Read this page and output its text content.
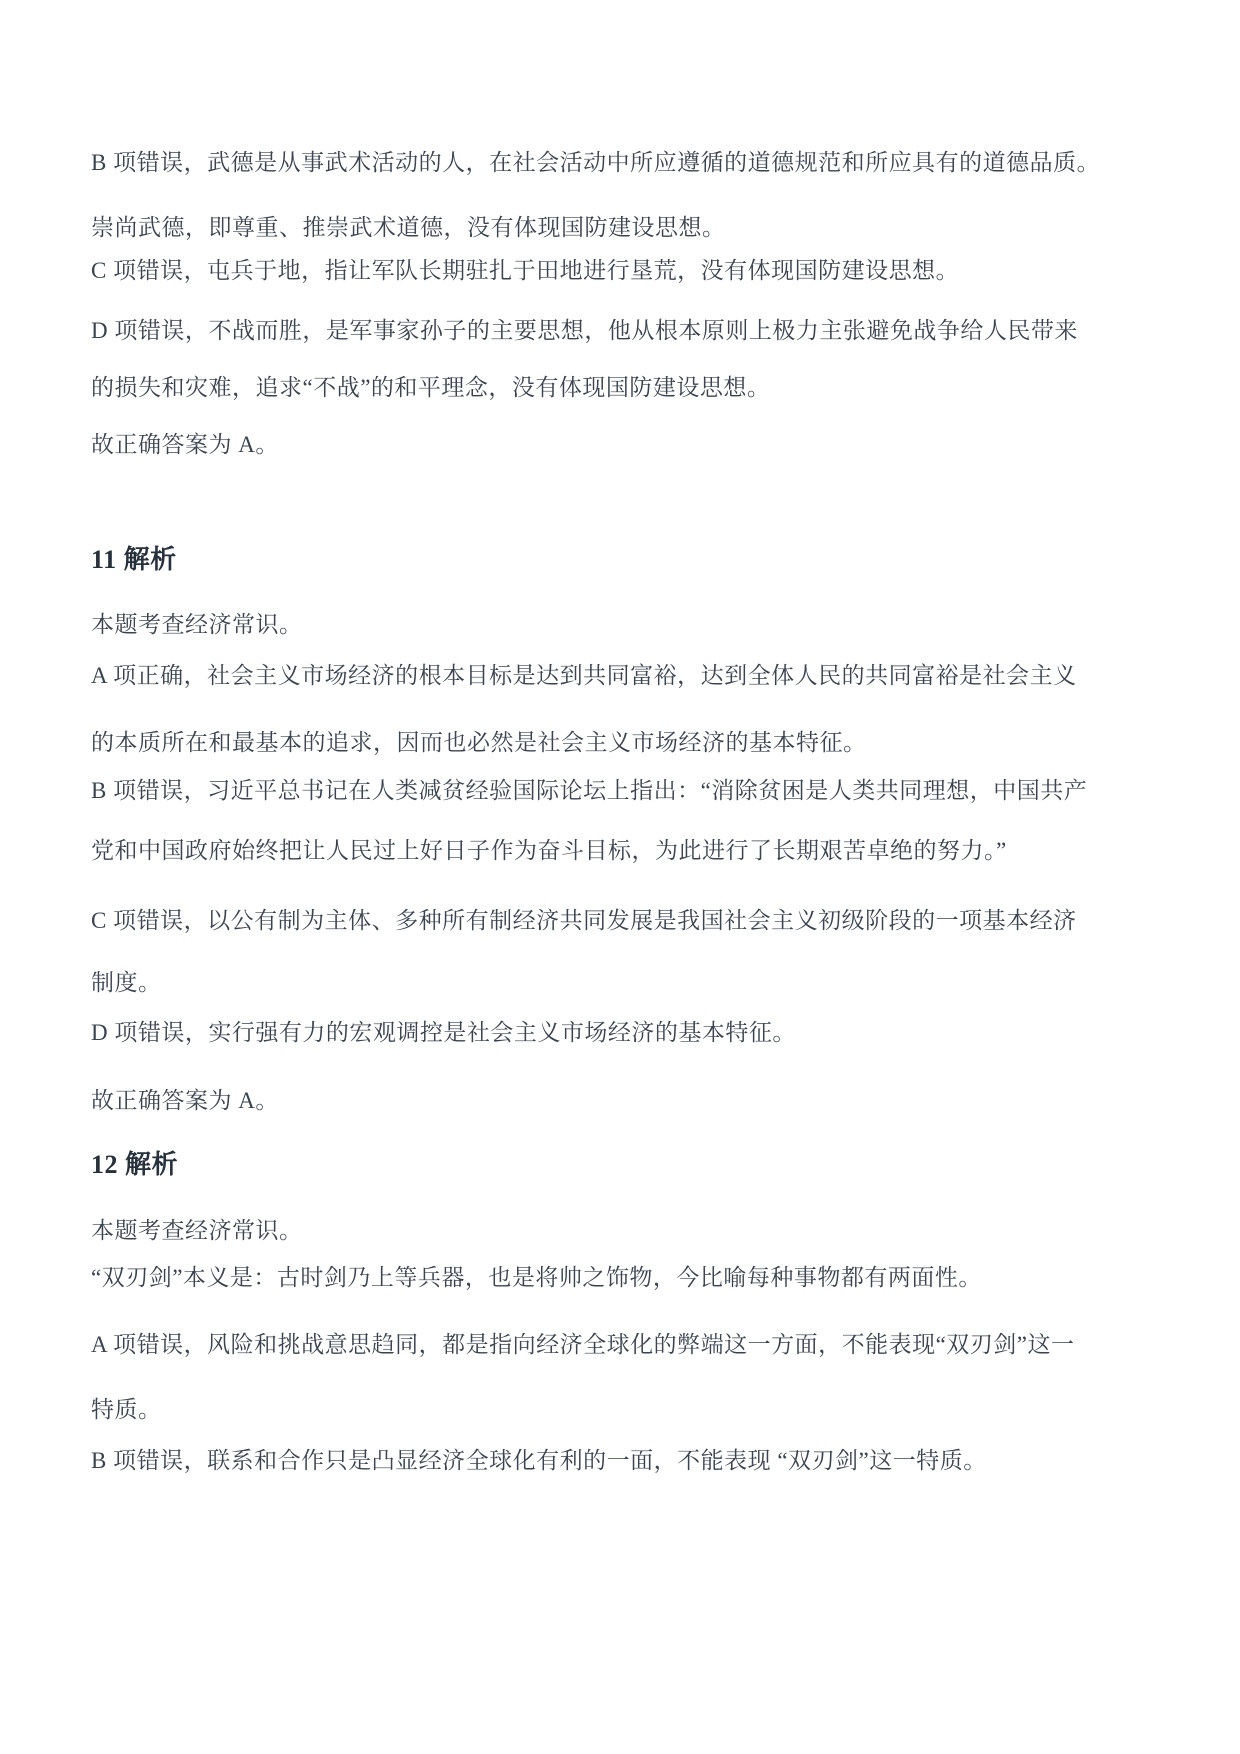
B 项错误，武德是从事武术活动的人，在社会活动中所应遵循的道德规范和所应具有的道德品质。
崇尚武德，即尊重、推崇武术道德，没有体现国防建设思想。
C 项错误，屯兵于地，指让军队长期驻扎于田地进行垦荒，没有体现国防建设思想。
D 项错误，不战而胜，是军事家孙子的主要思想，他从根本原则上极力主张避免战争给人民带来
的损失和灾难，追求“不战”的和平理念，没有体现国防建设思想。
故正确答案为 A。
11 解析
本题考查经济常识。
A 项正确，社会主义市场经济的根本目标是达到共同富裕，达到全体人民的共同富裕是社会主义
的本质所在和最基本的追求，因而也必然是社会主义市场经济的基本特征。
B 项错误，习近平总书记在人类减贫经验国际论坛上指出：“消除贫困是人类共同理想，中国共产
党和中国政府始终把让人民过上好日子作为奋斗目标，为此进行了长期艰苦卓绝的努力。”
C 项错误，以公有制为主体、多种所有制经济共同发展是我国社会主义初级阶段的一项基本经济
制度。
D 项错误，实行强有力的宏观调控是社会主义市场经济的基本特征。
故正确答案为 A。
12 解析
本题考查经济常识。
“双刃剑”本义是：古时剑乃上等兵器，也是将帅之饰物，今比喻每种事物都有两面性。
A 项错误，风险和挑战意思趋同，都是指向经济全球化的弊端这一方面，不能表现“双刃剑”这一
特质。
B 项错误，联系和合作只是凸显经济全球化有利的一面，不能表现 “双刃剑”这一特质。
